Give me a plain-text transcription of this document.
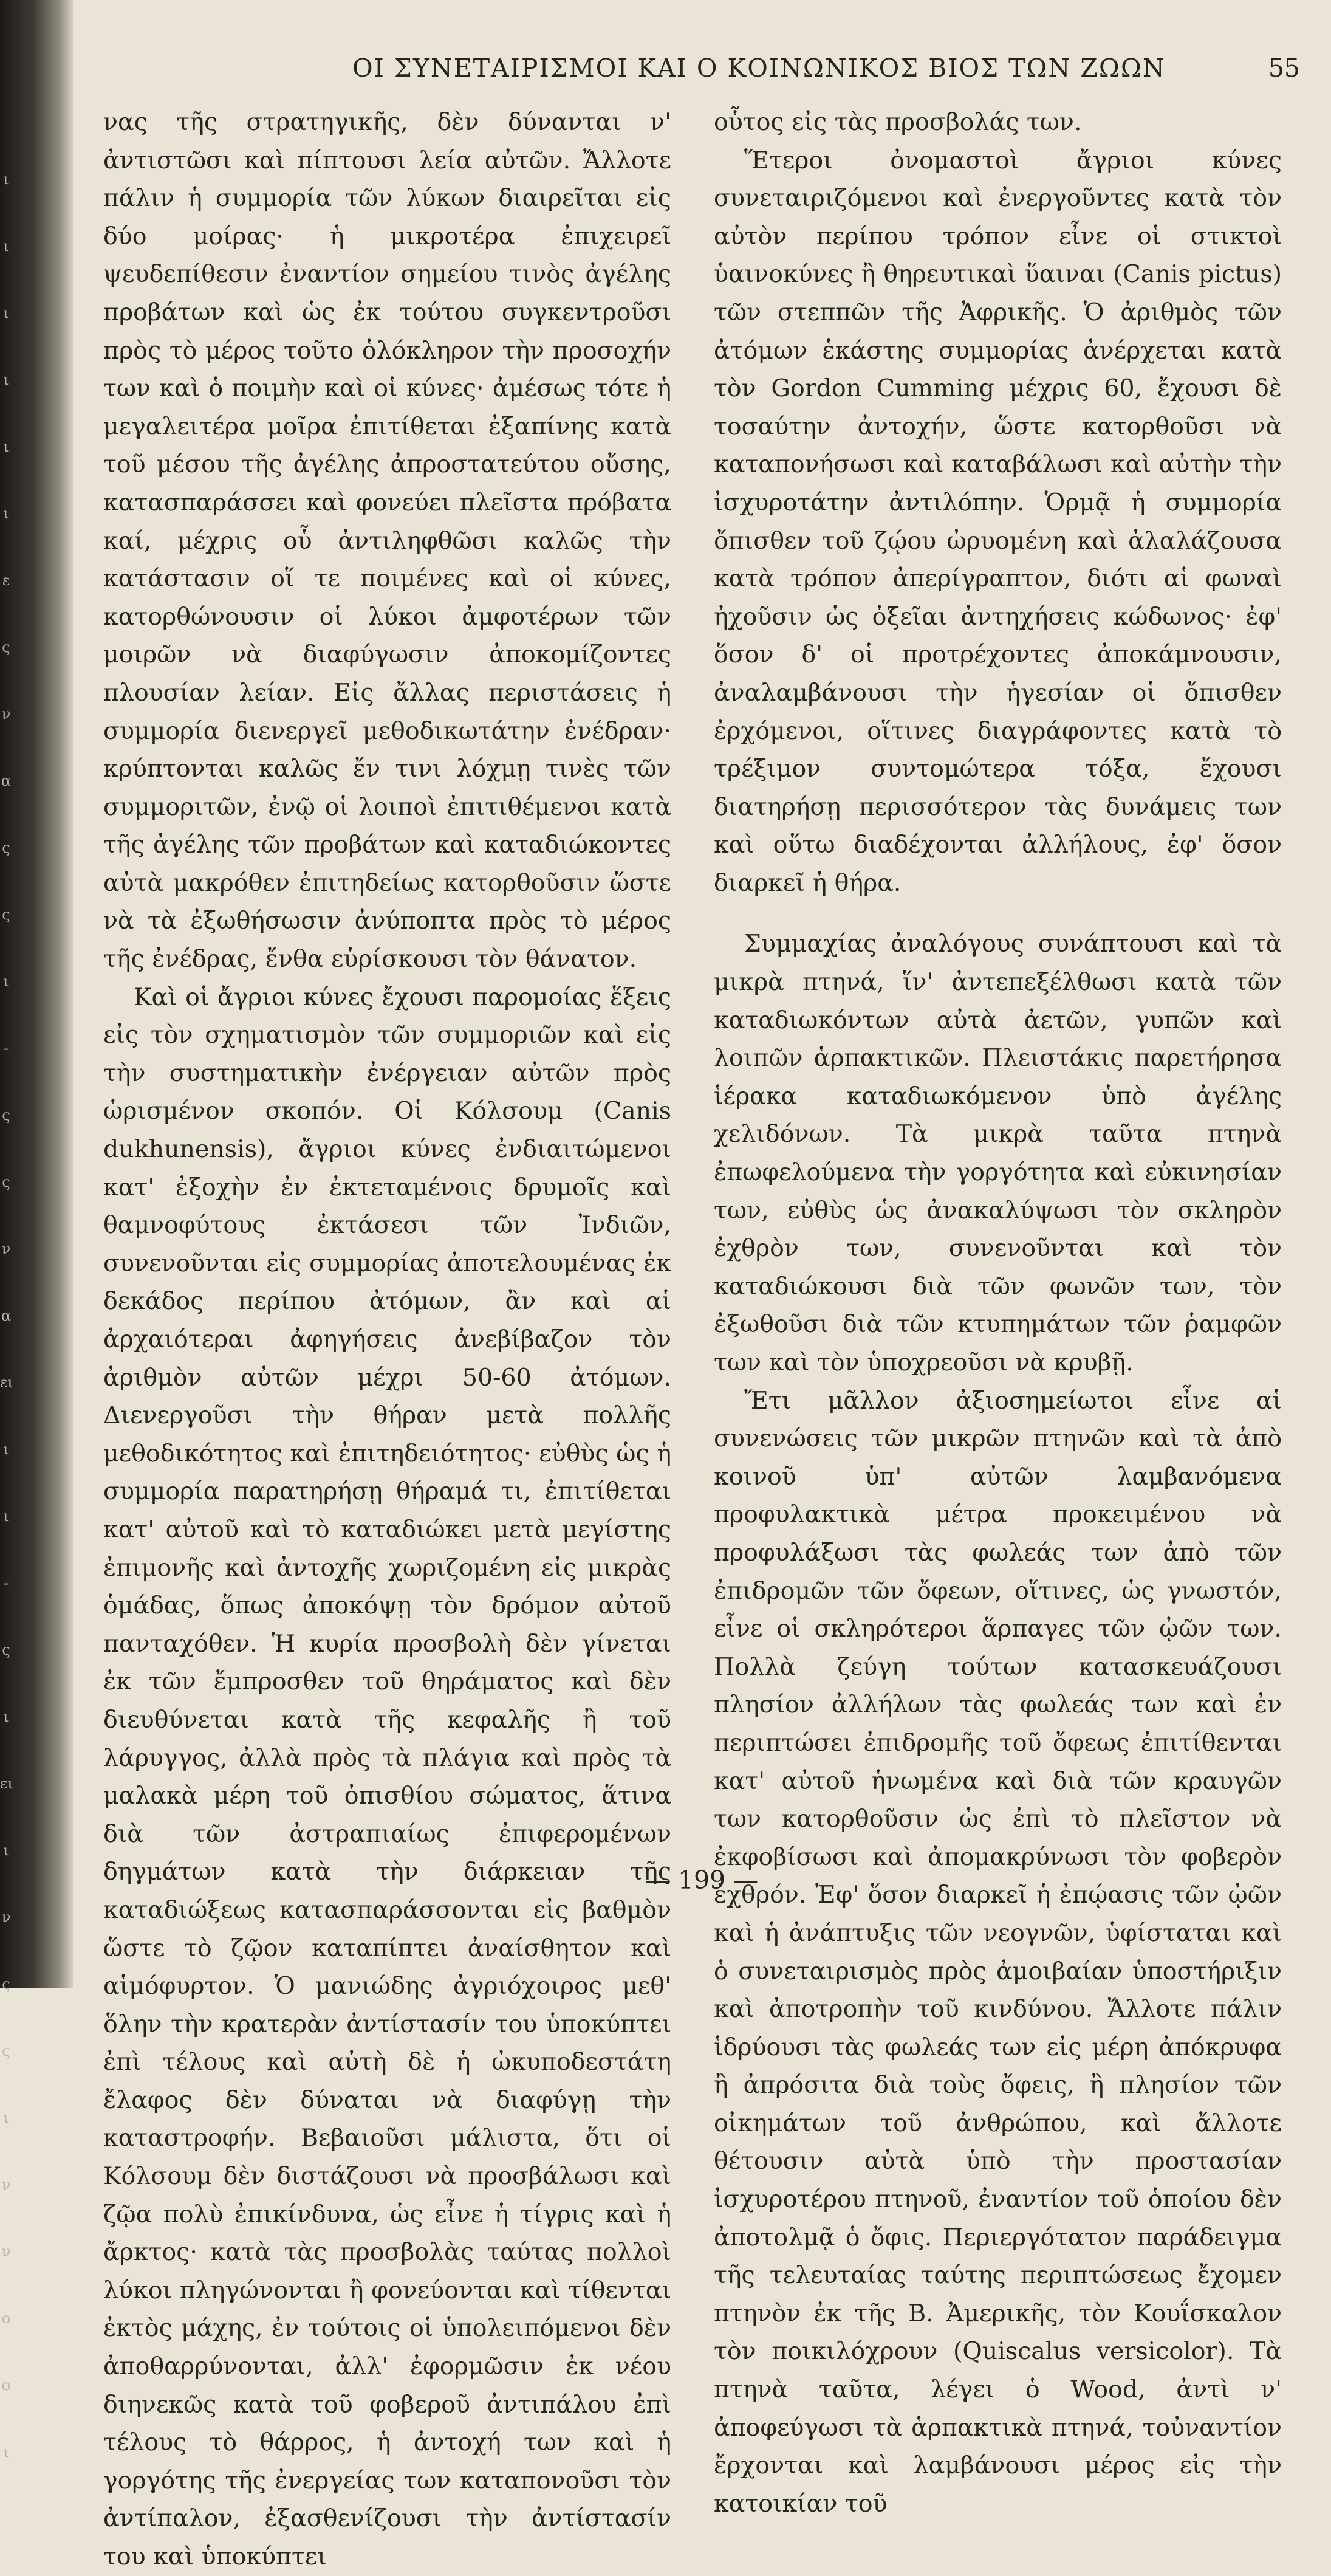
ι
ι
ι
ι
ι
ι
ε
ς
ν
α
ς
ς
ι
-
ς
ς
ν
α
ει
ι
ι
-
ς
ι
ει
ι
ν
ς
ς
ι
ν
ν
ο
ο
ι
ΟΙ ΣΥΝΕΤΑΙΡΙΣΜΟΙ ΚΑΙ Ο ΚΟΙΝΩΝΙΚΟΣ ΒΙΟΣ ΤΩΝ ΖΩΩΝ	55

νας τῆς στρατηγικῆς, δὲν δύνανται ν' ἀντιστῶσι καὶ πίπτουσι λεία αὐτῶν. Ἄλλοτε πάλιν ἡ συμμορία τῶν λύκων διαιρεῖται εἰς δύο μοίρας· ἡ μικροτέρα ἐπιχειρεῖ ψευδεπίθεσιν ἐναντίον σημείου τινὸς ἀγέλης προβάτων καὶ ὡς ἐκ τούτου συγκεντροῦσι πρὸς τὸ μέρος τοῦτο ὁλόκληρον τὴν προσοχήν των καὶ ὁ ποιμὴν καὶ οἱ κύνες· ἀμέσως τότε ἡ μεγαλειτέρα μοῖρα ἐπιτίθεται ἐξαπίνης κατὰ τοῦ μέσου τῆς ἀγέλης ἀπροστατεύτου οὔσης, κατασπαράσσει καὶ φονεύει πλεῖστα πρόβατα καί, μέχρις οὗ ἀντιληφθῶσι καλῶς τὴν κατάστασιν οἵ τε ποιμένες καὶ οἱ κύνες, κατορθώνουσιν οἱ λύκοι ἀμφοτέρων τῶν μοιρῶν νὰ διαφύγωσιν ἀποκομίζοντες πλουσίαν λείαν. Εἰς ἄλλας περιστάσεις ἡ συμμορία διενεργεῖ μεθοδικωτάτην ἐνέδραν· κρύπτονται καλῶς ἔν τινι λόχμῃ τινὲς τῶν συμμοριτῶν, ἐνῷ οἱ λοιποὶ ἐπιτιθέμενοι κατὰ τῆς ἀγέλης τῶν προβάτων καὶ καταδιώκοντες αὐτὰ μακρόθεν ἐπιτηδείως κατορθοῦσιν ὥστε νὰ τὰ ἐξωθήσωσιν ἀνύποπτα πρὸς τὸ μέρος τῆς ἐνέδρας, ἔνθα εὑρίσκουσι τὸν θάνατον.

Καὶ οἱ ἄγριοι κύνες ἔχουσι παρομοίας ἕξεις εἰς τὸν σχηματισμὸν τῶν συμμοριῶν καὶ εἰς τὴν συστηματικὴν ἐνέργειαν αὐτῶν πρὸς ὡρισμένον σκοπόν. Οἱ Κόλσουμ (Canis dukhunensis), ἄγριοι κύνες ἐνδιαιτώμενοι κατ' ἐξοχὴν ἐν ἐκτεταμένοις δρυμοῖς καὶ θαμνοφύτους ἐκτάσεσι τῶν Ἰνδιῶν, συνενοῦνται εἰς συμμορίας ἀποτελουμένας ἐκ δεκάδος περίπου ἀτόμων, ἂν καὶ αἱ ἀρχαιότεραι ἀφηγήσεις ἀνεβίβαζον τὸν ἀριθμὸν αὐτῶν μέχρι 50-60 ἀτόμων. Διενεργοῦσι τὴν θήραν μετὰ πολλῆς μεθοδικότητος καὶ ἐπιτηδειότητος· εὐθὺς ὡς ἡ συμμορία παρατηρήσῃ θήραμά τι, ἐπιτίθεται κατ' αὐτοῦ καὶ τὸ καταδιώκει μετὰ μεγίστης ἐπιμονῆς καὶ ἀντοχῆς χωριζομένη εἰς μικρὰς ὁμάδας, ὅπως ἀποκόψῃ τὸν δρόμον αὐτοῦ πανταχόθεν. Ἡ κυρία προσβολὴ δὲν γίνεται ἐκ τῶν ἔμπροσθεν τοῦ θηράματος καὶ δὲν διευθύνεται κατὰ τῆς κεφαλῆς ἢ τοῦ λάρυγγος, ἀλλὰ πρὸς τὰ πλάγια καὶ πρὸς τὰ μαλακὰ μέρη τοῦ ὀπισθίου σώματος, ἅτινα διὰ τῶν ἀστραπιαίως ἐπιφερομένων δηγμάτων κατὰ τὴν διάρκειαν τῆς καταδιώξεως κατασπαράσσονται εἰς βαθμὸν ὥστε τὸ ζῷον καταπίπτει ἀναίσθητον καὶ αἱμόφυρτον. Ὁ μανιώδης ἀγριόχοιρος μεθ' ὅλην τὴν κρατερὰν ἀντίστασίν του ὑποκύπτει ἐπὶ τέλους καὶ αὐτὴ δὲ ἡ ὠκυποδεστάτη ἔλαφος δὲν δύναται νὰ διαφύγῃ τὴν καταστροφήν. Βεβαιοῦσι μάλιστα, ὅτι οἱ Κόλσουμ δὲν διστάζουσι νὰ προσβάλωσι καὶ ζῷα πολὺ ἐπικίνδυνα, ὡς εἶνε ἡ τίγρις καὶ ἡ ἄρκτος· κατὰ τὰς προσβολὰς ταύτας πολλοὶ λύκοι πληγώνονται ἢ φονεύονται καὶ τίθενται ἐκτὸς μάχης, ἐν τούτοις οἱ ὑπολειπόμενοι δὲν ἀποθαρρύνονται, ἀλλ' ἐφορμῶσιν ἐκ νέου διηνεκῶς κατὰ τοῦ φοβεροῦ ἀντιπάλου ἐπὶ τέλους τὸ θάρρος, ἡ ἀντοχή των καὶ ἡ γοργότης τῆς ἐνεργείας των καταπονοῦσι τὸν ἀντίπαλον, ἐξασθενίζουσι τὴν ἀντίστασίν του καὶ ὑποκύπτει

οὗτος εἰς τὰς προσβολάς των.

Ἕτεροι ὀνομαστοὶ ἄγριοι κύνες συνεταιριζόμενοι καὶ ἐνεργοῦντες κατὰ τὸν αὐτὸν περίπου τρόπον εἶνε οἱ στικτοὶ ὑαινοκύνες ἢ θηρευτικαὶ ὕαιναι (Canis pictus) τῶν στεππῶν τῆς Ἀφρικῆς. Ὁ ἀριθμὸς τῶν ἀτόμων ἑκάστης συμμορίας ἀνέρχεται κατὰ τὸν Gordon Cumming μέχρις 60, ἔχουσι δὲ τοσαύτην ἀντοχήν, ὥστε κατορθοῦσι νὰ καταπονήσωσι καὶ καταβάλωσι καὶ αὐτὴν τὴν ἰσχυροτάτην ἀντιλόπην. Ὁρμᾷ ἡ συμμορία ὄπισθεν τοῦ ζῴου ὠρυομένη καὶ ἀλαλάζουσα κατὰ τρόπον ἀπερίγραπτον, διότι αἱ φωναὶ ἠχοῦσιν ὡς ὀξεῖαι ἀντηχήσεις κώδωνος· ἐφ' ὅσον δ' οἱ προτρέχοντες ἀποκάμνουσιν, ἀναλαμβάνουσι τὴν ἡγεσίαν οἱ ὄπισθεν ἐρχόμενοι, οἵτινες διαγράφοντες κατὰ τὸ τρέξιμον συντομώτερα τόξα, ἔχουσι διατηρήσῃ περισσότερον τὰς δυνάμεις των καὶ οὕτω διαδέχονται ἀλλήλους, ἐφ' ὅσον διαρκεῖ ἡ θήρα.

Συμμαχίας ἀναλόγους συνάπτουσι καὶ τὰ μικρὰ πτηνά, ἵν' ἀντεπεξέλθωσι κατὰ τῶν καταδιωκόντων αὐτὰ ἀετῶν, γυπῶν καὶ λοιπῶν ἁρπακτικῶν. Πλειστάκις παρετήρησα ἱέρακα καταδιωκόμενον ὑπὸ ἀγέλης χελιδόνων. Τὰ μικρὰ ταῦτα πτηνὰ ἐπωφελούμενα τὴν γοργότητα καὶ εὐκινησίαν των, εὐθὺς ὡς ἀνακαλύψωσι τὸν σκληρὸν ἐχθρὸν των, συνενοῦνται καὶ τὸν καταδιώκουσι διὰ τῶν φωνῶν των, τὸν ἐξωθοῦσι διὰ τῶν κτυπημάτων τῶν ῥαμφῶν των καὶ τὸν ὑποχρεοῦσι νὰ κρυβῇ.

Ἔτι μᾶλλον ἀξιοσημείωτοι εἶνε αἱ συνενώσεις τῶν μικρῶν πτηνῶν καὶ τὰ ἀπὸ κοινοῦ ὑπ' αὐτῶν λαμβανόμενα προφυλακτικὰ μέτρα προκειμένου νὰ προφυλάξωσι τὰς φωλεάς των ἀπὸ τῶν ἐπιδρομῶν τῶν ὄφεων, οἵτινες, ὡς γνωστόν, εἶνε οἱ σκληρότεροι ἅρπαγες τῶν ᾠῶν των. Πολλὰ ζεύγη τούτων κατασκευάζουσι πλησίον ἀλλήλων τὰς φωλεάς των καὶ ἐν περιπτώσει ἐπιδρομῆς τοῦ ὄφεως ἐπιτίθενται κατ' αὐτοῦ ἡνωμένα καὶ διὰ τῶν κραυγῶν των κατορθοῦσιν ὡς ἐπὶ τὸ πλεῖστον νὰ ἐκφοβίσωσι καὶ ἀπομακρύνωσι τὸν φοβερὸν ἐχθρόν. Ἐφ' ὅσον διαρκεῖ ἡ ἐπῴασις τῶν ᾠῶν καὶ ἡ ἀνάπτυξις τῶν νεογνῶν, ὑφίσταται καὶ ὁ συνεταιρισμὸς πρὸς ἀμοιβαίαν ὑποστήριξιν καὶ ἀποτροπὴν τοῦ κινδύνου. Ἄλλοτε πάλιν ἱδρύουσι τὰς φωλεάς των εἰς μέρη ἀπόκρυφα ἢ ἀπρόσιτα διὰ τοὺς ὄφεις, ἢ πλησίον τῶν οἰκημάτων τοῦ ἀνθρώπου, καὶ ἄλλοτε θέτουσιν αὐτὰ ὑπὸ τὴν προστασίαν ἰσχυροτέρου πτηνοῦ, ἐναντίον τοῦ ὁποίου δὲν ἀποτολμᾷ ὁ ὄφις. Περιεργότατον παράδειγμα τῆς τελευταίας ταύτης περιπτώσεως ἔχομεν πτηνὸν ἐκ τῆς Β. Ἀμερικῆς, τὸν Κουΐσκαλον τὸν ποικιλόχρουν (Quiscalus versicolor). Τὰ πτηνὰ ταῦτα, λέγει ὁ Wood, ἀντὶ ν' ἀποφεύγωσι τὰ ἁρπακτικὰ πτηνά, τοὐναντίον ἔρχονται καὶ λαμβάνουσι μέρος εἰς τὴν κατοικίαν τοῦ

— 199 —
